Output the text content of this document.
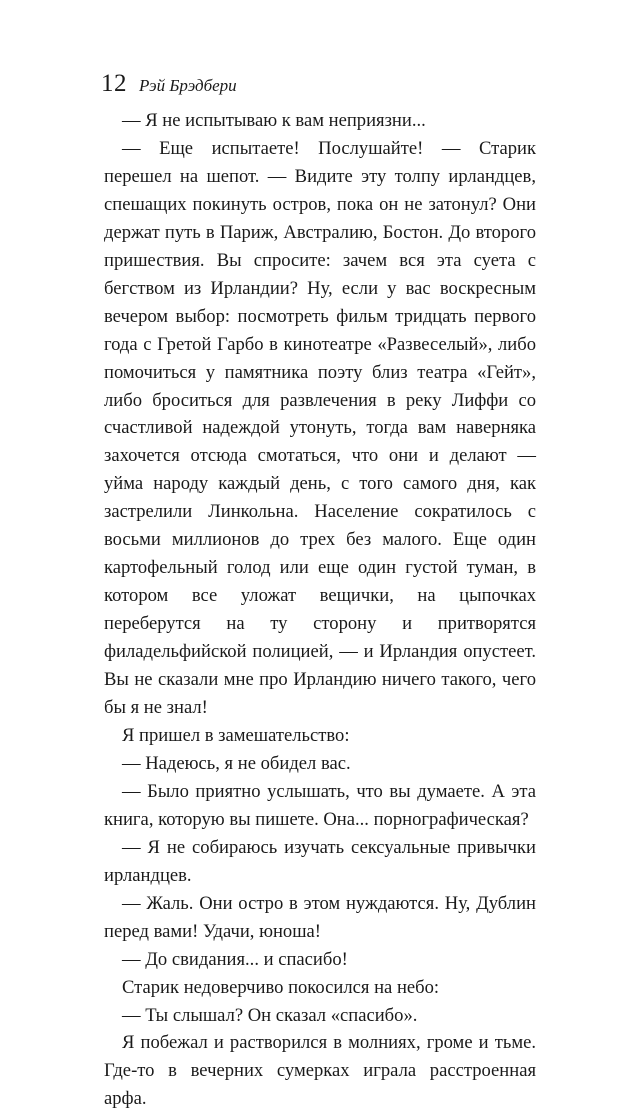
12 Рэй Брэдбери

— Я не испытываю к вам неприязни...

— Еще испытаете! Послушайте! — Старик перешел на шепот. — Видите эту толпу ирландцев, спешащих покинуть остров, пока он не затонул? Они держат путь в Париж, Австралию, Бостон. До второго пришествия. Вы спросите: зачем вся эта суета с бегством из Ирландии? Ну, если у вас воскресным вечером выбор: посмотреть фильм тридцать первого года с Гретой Гарбо в кинотеатре «Развеселый», либо помочиться у памятника поэту близ театра «Гейт», либо броситься для развлечения в реку Лиффи со счастливой надеждой утонуть, тогда вам наверняка захочется отсюда смотаться, что они и делают — уйма народу каждый день, с того самого дня, как застрелили Линкольна. Население сократилось с восьми миллионов до трех без малого. Еще один картофельный голод или еще один густой туман, в котором все уложат вещички, на цыпочках переберутся на ту сторону и притворятся филадельфийской полицией, — и Ирландия опустеет. Вы не сказали мне про Ирландию ничего такого, чего бы я не знал!

Я пришел в замешательство:

— Надеюсь, я не обидел вас.

— Было приятно услышать, что вы думаете. А эта книга, которую вы пишете. Она... порнографическая?

— Я не собираюсь изучать сексуальные привычки ирландцев.

— Жаль. Они остро в этом нуждаются. Ну, Дублин перед вами! Удачи, юноша!

— До свидания... и спасибо!

Старик недоверчиво покосился на небо:

— Ты слышал? Он сказал «спасибо».

Я побежал и растворился в молниях, громе и тьме. Где-то в вечерних сумерках играла расстроенная арфа.
